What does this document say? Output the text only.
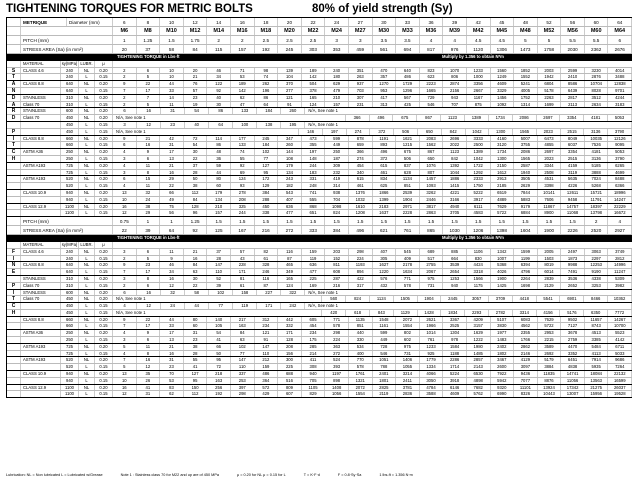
TIGHTENING TORQUES FOR METRIC BOLTS	80% of yield strength (Sy)
METRIQUE	Diameter (mm)	6	8	10	12	14	16	18	20	22	24	27	30	33	36	39	42	45	48	52	56	60	64
M6	M8	M10	M12	M14	M16	M18	M20	M22	M24	M27	M30	M33	M36	M39	M42	M45	M48	M52	M56	M60	M64
PITCH (mm)	1	1.25	1.5	1.75	2	2	2.5	2.5	2.5	3	3	3.5	3.5	4	4	4.5	4.5	5	5	5.5	5.5	6
STRESS AREA (Sa) (in mm²)	20	37	58	84	115	157	192	245	303	353	459	561	694	817	976	1120	1306	1473	1758	2030	2362	2676
TIGHTENING TORQUE in Lbs-ft	Multiply by 1.356 to obtain N*m
MATERIAL	sy(MPa) LUBR.	μ
S	CLASS 4.6	240	NL	0.20	2	6	10	20	46	71	98	139	189	240	351	470	640	823	1070	1233	1560	1852	2003	2599	3230	4014
T	240	L	0.15	2	5	10	21	34	53	74	104	142	180	263	357	486	623	806	1000	1249	1552	1942	2410	2876	3488
A	CLASS 8.8	640	NL	0.20	9	22	44	76	122	189	262	370	504	629	937	1270	1729	2223	2874	3356	4609	5241	6804	8586	10704	12838
N	640	L	0.15	7	17	33	57	92	142	196	277	378	479	703	953	1296	1665	2156	2667	3329	4005	5178	6439	8028	9701
D	STAINLESS	310	NL	0.20	2	7	14	23	40	62	86	121	165	210	307	417	567	729	943	1167	1456	1752	2263	2817	3512	4244
A	Class 70	310	L	0.15	2	5	11	19	30	47	64	91	124	157	231	313	425	546	707	875	1092	1314	1699	2113	2634	3183
R	STAINLESS	600	NL	0.20	6	16	31	54	86	133	184	260	N/A, See note 1
D	Class 70	450	NL	0.20	N/A, See note 1	366	496	675	867	1123	1389	1734	2086	2697	3354	4181	5053
450	L	0.15	3	12	23	40	64	100	138	195	N/A, See note 1
P	450	L	0.15	N/A, See note 1	146	197	274	372	506	650	842	1042	1300	1565	2023	2515	3136	3790
I	CLASS 8.8	660	NL	0.20	9	21	42	72	114	177	245	347	473	599	878	1191	1621	2083	2696	3333	4160	5007	6473	8049	10035	12126
T	660	L	0.15	6	16	31	54	86	133	184	260	355	449	659	893	1215	1562	2022	2500	3120	3755	4855	6037	7526	9095
C	ASTM A36	250	NL	0.20	4	9	17	30	48	74	102	144	197	250	366	496	675	867	1123	1389	1734	2086	2697	3354	4181	5053
H	250	L	0.15	3	6	13	22	36	55	77	108	148	187	274	372	506	650	842	1042	1300	1565	2023	2515	3136	3790
ASTM A193	725	NL	0.20	4	11	21	37	59	92	127	179	244	309	454	615	837	1076	1392	1722	2150	2587	3344	4159	5185	6265
725	L	0.15	3	8	16	28	44	69	95	134	183	232	340	461	628	807	1044	1292	1612	1940	2508	3119	3888	4699
ASTM A193	520	NL	0.20	6	15	29	50	80	124	172	243	331	419	615	834	1134	1457	1886	2333	2913	3505	4531	5635	7024	8488
520	L	0.15	4	11	22	38	60	93	129	182	248	314	461	625	851	1093	1415	1750	2185	2629	3398	4226	5268	6366
CLASS 10.9	940	NL	0.20	13	32	66	112	179	278	384	543	741	938	1376	1866	2539	3262	4221	5222	6519	7844	10141	12611	15721	18996
940	L	0.15	10	24	49	84	134	208	288	407	555	704	1032	1399	1904	2446	3166	3917	4889	5883	7606	9458	11791	14247
CLASS 12.9	1100	NL	0.20	16	38	75	128	210	325	450	636	868	1098	1610	2183	2971	3817	4940	6111	7629	9179	11867	14757	18397	22229
1100	L	0.15	12	29	56	96	157	244	338	477	651	824	1208	1637	2228	2863	3705	4583	5722	6884	8900	11068	13798	16672
PITCH (mm)	0.75	1	1	1.25	1.5	1.5	1.5	1.5	1.5	1.5	1.5	1.5	1.5	1.5	1.5	1.5	1.5	1.5	1.5	1.5	2	4
STRESS AREA (Sa) (in mm²)	22	39	64	92	125	167	216	272	333	384	496	621	761	865	1030	1206	1398	1604	1900	2226	2520	2927
TIGHTENING TORQUE in Lbs-ft	Multiply by 1.356 to obtain N*m
MATERIAL	sy(MPa) LUBR.	μ
F	CLASS 4.6	240	NL	0.20	3	6	11	21	37	57	82	116	159	203	298	407	545	689	885	1106	1342	1599	2005	2497	3063	3749
I	240	L	0.15	2	5	9	16	28	43	61	87	119	152	224	305	409	517	664	830	1007	1199	1503	1873	2297	2812
N	CLASS 8.8	640	NL	0.20	9	23	46	84	147	228	328	465	636	811	1193	1627	2178	2755	3539	4424	5368	6394	8019	9988	12253	14996
E	640	L	0.15	7	17	34	63	110	171	246	349	477	608	894	1220	1634	2067	2654	3318	4026	4796	6014	7491	9190	11247
STAINLESS	310	NL	0.20	3	8	16	30	52	81	116	165	225	287	422	576	771	975	1253	1566	1900	2264	2839	3536	4338	5309
P	Class 70	310	L	0.15	2	6	12	22	39	61	87	124	169	216	317	432	578	731	940	1175	1425	1698	2129	2652	3253	3982
I	STAINLESS	600	NL	0.20	6	16	32	58	102	158	227	322	N/A, See note 1
T	Class 70	450	NL	0.20	N/A, See note 1	560	824	1124	1505	1904	2445	3057	3709	4418	5541	6901	8466	10362
C	450	L	0.15	4	12	24	44	77	119	171	242	N/A, See note 1
H	450	L	0.15	N/A, See note 1	420	618	843	1129	1428	1834	2293	2782	3314	4156	5176	6350	7772
CLASS 8.8	660	NL	0.20	9	22	44	80	140	217	312	442	605	771	1135	1548	2072	2621	3367	4209	5107	6083	7629	9502	11657	14267
660	L	0.15	7	17	33	60	105	163	234	332	454	578	851	1161	1554	1966	2525	3157	3830	4562	5722	7127	8743	10700
ASTM A36	250	NL	0.20	4	9	17	31	54	84	121	171	234	298	440	599	802	1014	1304	1629	1977	2355	2953	3678	4513	5523
250	L	0.15	3	6	13	23	41	63	91	128	175	224	330	449	602	761	978	1222	1483	1766	2215	2759	3385	4142
ASTM A193	725	NL	0.20	5	11	21	38	66	102	147	208	285	363	534	728	975	1233	1584	1980	2402	2862	3589	4470	5484	6711
725	L	0.15	4	8	16	28	50	77	110	156	214	272	400	546	731	925	1188	1485	1802	2146	2692	3352	4113	5033
ASTM A193	520	NL	0.20	7	16	31	55	95	147	212	300	411	524	770	1051	1406	1779	2286	2857	3467	4129	5179	6451	7914	9686
520	L	0.15	5	12	23	41	72	110	159	225	308	393	578	788	1055	1334	1714	2143	2600	3097	3884	4838	5935	7264
CLASS 10.9	940	NL	0.20	13	35	70	127	218	337	486	688	940	1197	1761	2401	3214	4066	5224	6530	7922	9436	11835	14741	18084	22132
940	L	0.15	10	26	53	95	163	253	364	516	705	898	1321	1801	2411	3050	3918	4898	5942	7077	8876	11056	13563	16599
CLASS 12.9	1100	NL	0.20	16	41	83	150	256	397	572	809	1105	1408	2072	2825	3781	4784	6146	7682	9320	11101	13924	17342	21275	26037
1100	L	0.15	12	31	62	112	192	298	429	607	829	1056	1554	2119	2836	3588	4609	5762	6990	8326	10443	13007	15956	19528
Lubrication: NL = Non lubricated L = Lubricated w/Grease	Note 1 : Stainless class 70 for M22 and up are of 450 MPa	μ = 0.20 for NL μ = 0.15 for L	T = K·F·d	F = 0.8·Sy·Sa	1 lbs-ft = 1.356 N·m
